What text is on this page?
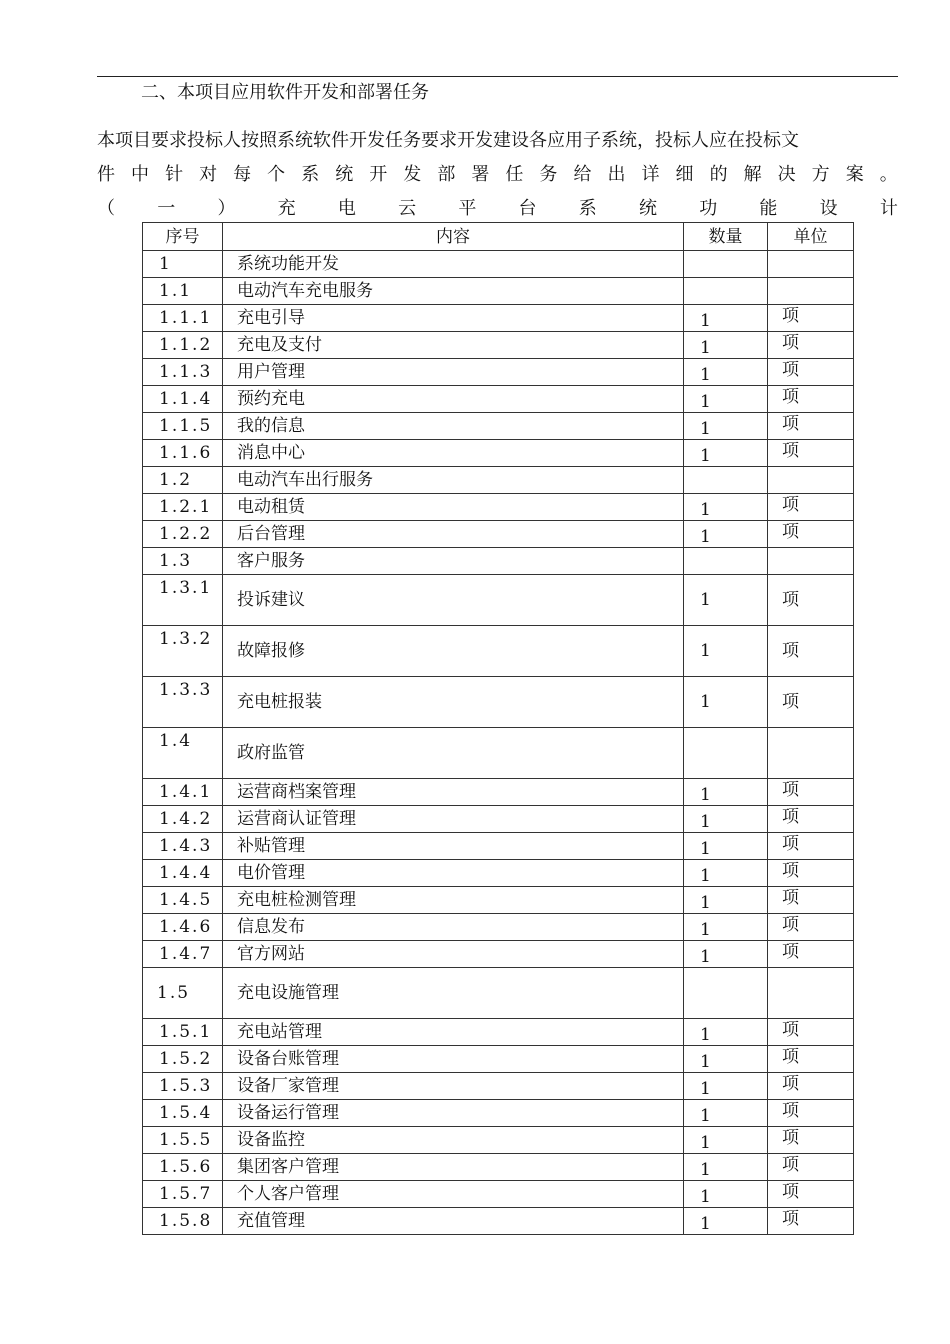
二、本项目应用软件开发和部署任务
本项目要求投标人按照系统软件开发任务要求开发建设各应用子系统，投标人应在投标文
件 中 针 对 每 个 系 统 开 发 部 署 任 务 给 出 详 细 的 解 决 方 案 。
（ 一 ） 充 电 云 平 台 系 统 功 能 设 计
序号	内容	数量	单位
1	系统功能开发		
1.1	电动汽车充电服务		
1.1.1	充电引导	1	项
1.1.2	充电及支付	1	项
1.1.3	用户管理	1	项
1.1.4	预约充电	1	项
1.1.5	我的信息	1	项
1.1.6	消息中心	1	项
1.2	电动汽车出行服务		
1.2.1	电动租赁	1	项
1.2.2	后台管理	1	项
1.3	客户服务		
1.3.1	投诉建议	1	项
1.3.2	故障报修	1	项
1.3.3	充电桩报装	1	项
1.4	政府监管		
1.4.1	运营商档案管理	1	项
1.4.2	运营商认证管理	1	项
1.4.3	补贴管理	1	项
1.4.4	电价管理	1	项
1.4.5	充电桩检测管理	1	项
1.4.6	信息发布	1	项
1.4.7	官方网站	1	项
1.5	充电设施管理		
1.5.1	充电站管理	1	项
1.5.2	设备台账管理	1	项
1.5.3	设备厂家管理	1	项
1.5.4	设备运行管理	1	项
1.5.5	设备监控	1	项
1.5.6	集团客户管理	1	项
1.5.7	个人客户管理	1	项
1.5.8	充值管理	1	项
